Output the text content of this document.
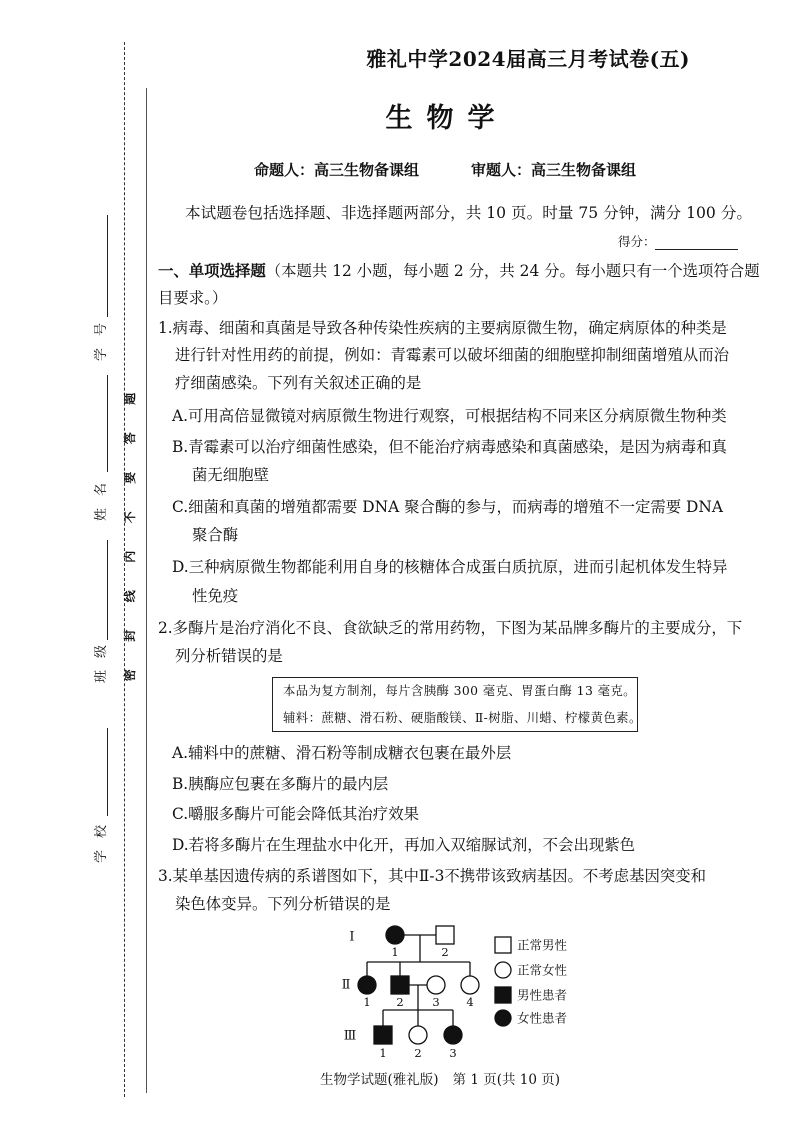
学号
姓名
班级
学校
密封线内不要答题
雅礼中学2024届高三月考试卷(五)
生物学
命题人：高三生物备课组	审题人：高三生物备课组
本试题卷包括选择题、非选择题两部分，共 10 页。时量 75 分钟，满分 100 分。
得分：
一、单项选择题（本题共 12 小题，每小题 2 分，共 24 分。每小题只有一个选项符合题
目要求。）
1.病毒、细菌和真菌是导致各种传染性疾病的主要病原微生物，确定病原体的种类是
进行针对性用药的前提，例如：青霉素可以破坏细菌的细胞壁抑制细菌增殖从而治
疗细菌感染。下列有关叙述正确的是
A.可用高倍显微镜对病原微生物进行观察，可根据结构不同来区分病原微生物种类
B.青霉素可以治疗细菌性感染，但不能治疗病毒感染和真菌感染，是因为病毒和真
菌无细胞壁
C.细菌和真菌的增殖都需要 DNA 聚合酶的参与，而病毒的增殖不一定需要 DNA
聚合酶
D.三种病原微生物都能利用自身的核糖体合成蛋白质抗原，进而引起机体发生特异
性免疫
2.多酶片是治疗消化不良、食欲缺乏的常用药物，下图为某品牌多酶片的主要成分，下
列分析错误的是
本品为复方制剂，每片含胰酶 300 毫克、胃蛋白酶 13 毫克。
辅料：蔗糖、滑石粉、硬脂酸镁、Ⅱ-树脂、川蜡、柠檬黄色素。
A.辅料中的蔗糖、滑石粉等制成糖衣包裹在最外层
B.胰酶应包裹在多酶片的最内层
C.嚼服多酶片可能会降低其治疗效果
D.若将多酶片在生理盐水中化开，再加入双缩脲试剂，不会出现紫色
3.某单基因遗传病的系谱图如下，其中Ⅱ-3不携带该致病基因。不考虑基因突变和
染色体变异。下列分析错误的是
Ⅰ
Ⅱ
Ⅲ
1	2
1 2 3 4
1 2 3
正常男性
正常女性
男性患者
女性患者
生物学试题(雅礼版) 第 1 页(共 10 页)
